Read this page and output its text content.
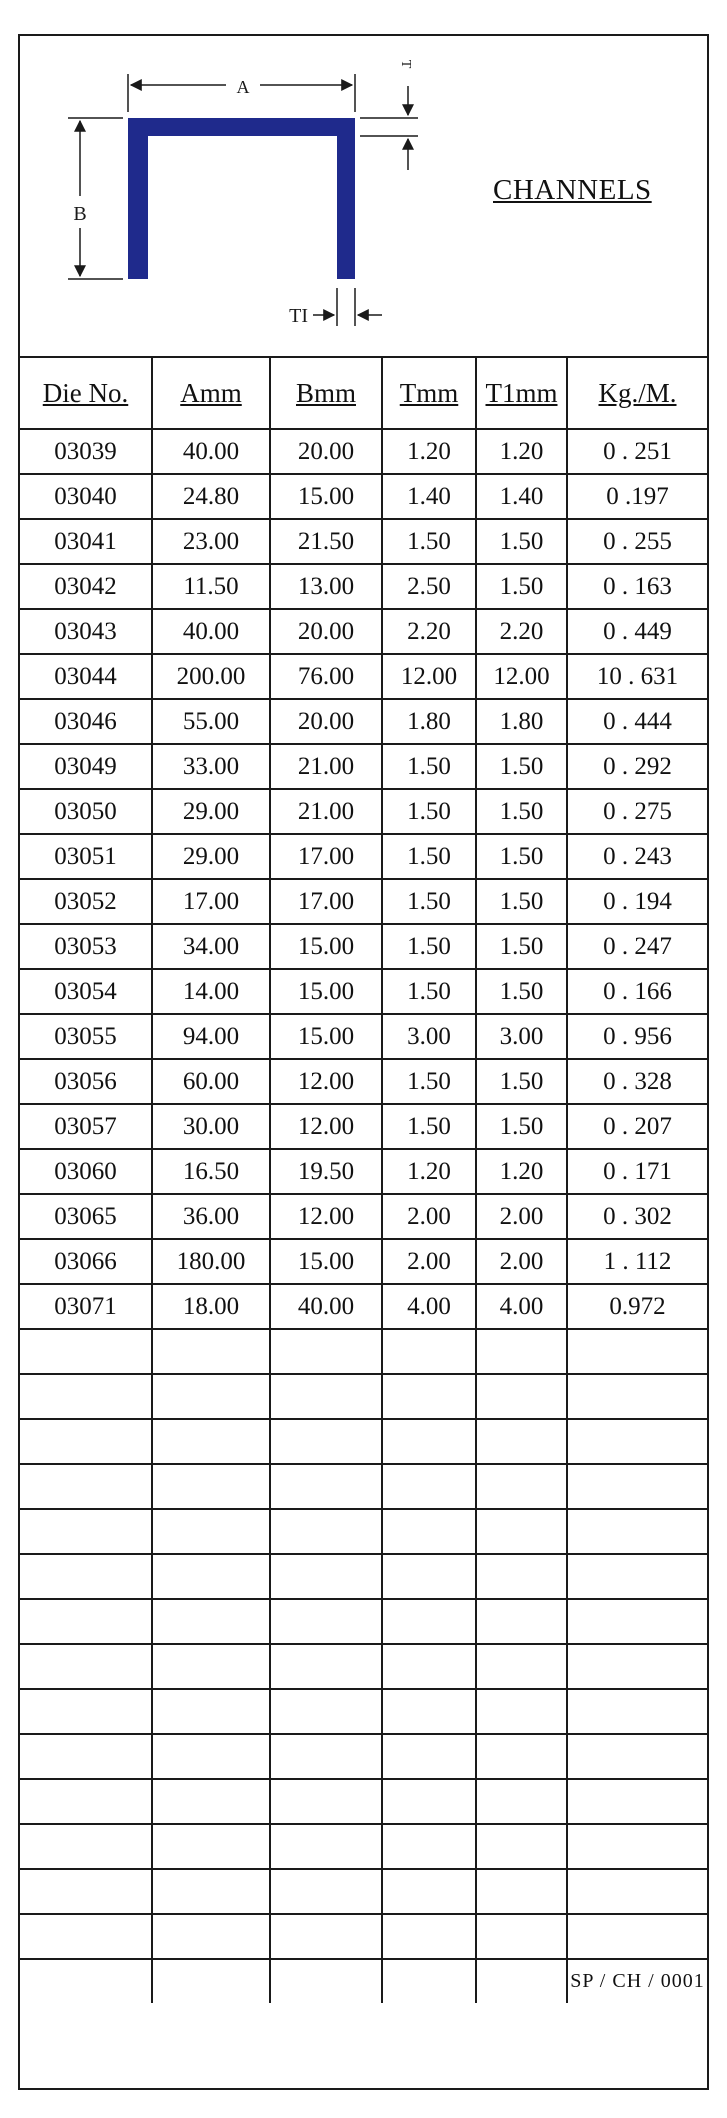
A
B
T
TI
CHANNELS
Die No.	Amm	Bmm	Tmm	T1mm	Kg./M.
03039	40.00	20.00	1.20	1.20	0 . 251
03040	24.80	15.00	1.40	1.40	0 .197
03041	23.00	21.50	1.50	1.50	0 . 255
03042	11.50	13.00	2.50	1.50	0 . 163
03043	40.00	20.00	2.20	2.20	0 . 449
03044	200.00	76.00	12.00	12.00	10 . 631
03046	55.00	20.00	1.80	1.80	0 . 444
03049	33.00	21.00	1.50	1.50	0 . 292
03050	29.00	21.00	1.50	1.50	0 . 275
03051	29.00	17.00	1.50	1.50	0 . 243
03052	17.00	17.00	1.50	1.50	0 . 194
03053	34.00	15.00	1.50	1.50	0 . 247
03054	14.00	15.00	1.50	1.50	0 . 166
03055	94.00	15.00	3.00	3.00	0 . 956
03056	60.00	12.00	1.50	1.50	0 . 328
03057	30.00	12.00	1.50	1.50	0 . 207
03060	16.50	19.50	1.20	1.20	0 . 171
03065	36.00	12.00	2.00	2.00	0 . 302
03066	180.00	15.00	2.00	2.00	1 . 112
03071	18.00	40.00	4.00	4.00	0.972

					SP / CH / 0001
